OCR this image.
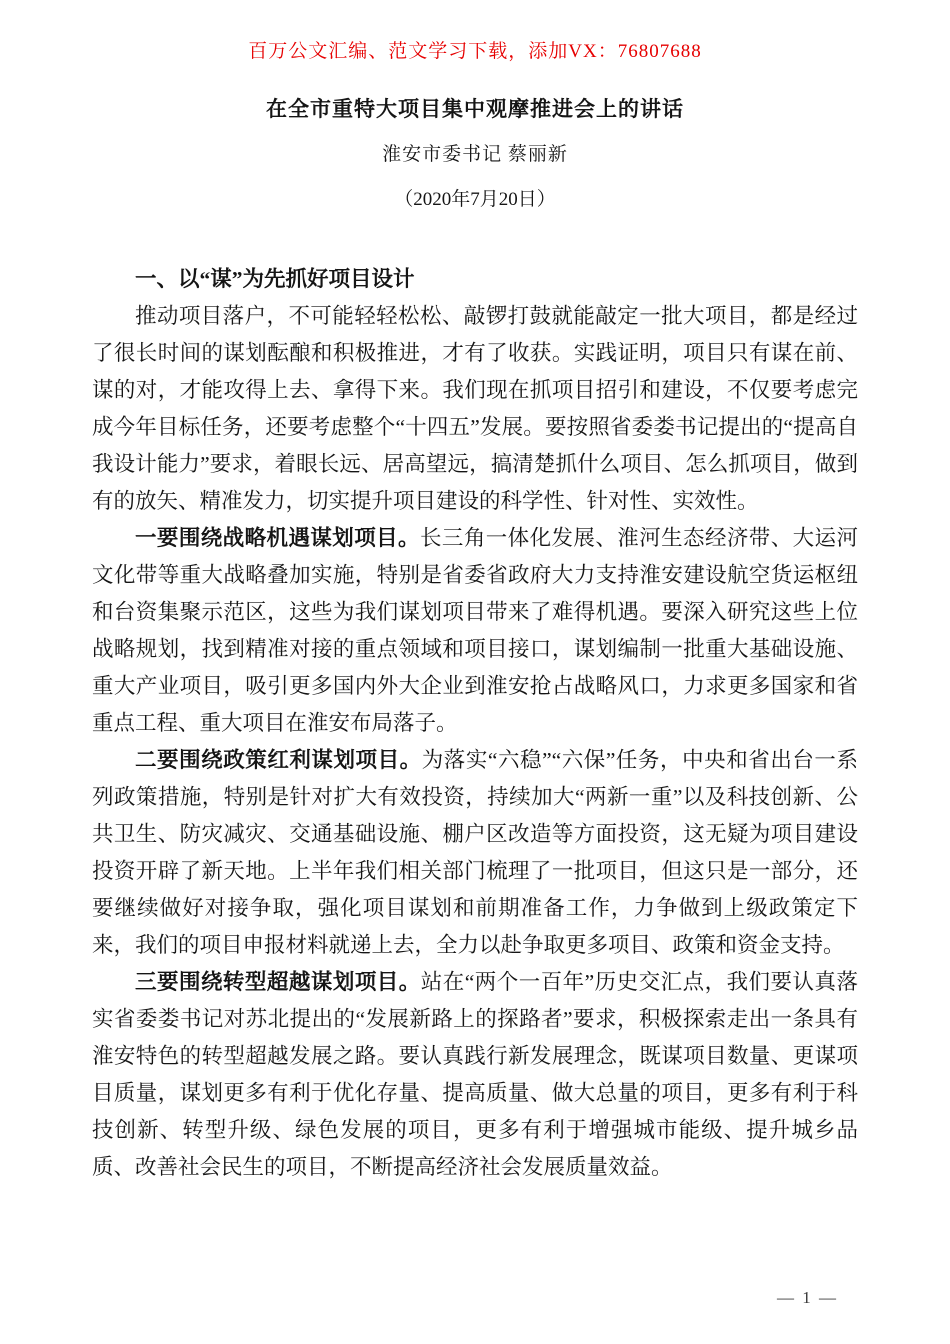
百万公文汇编、范文学习下载，添加VX：76807688
在全市重特大项目集中观摩推进会上的讲话
淮安市委书记 蔡丽新
（2020年7月20日）

一、以“谋”为先抓好项目设计

推动项目落户，不可能轻轻松松、敲锣打鼓就能敲定一批大项目，都是经过了很长时间的谋划酝酿和积极推进，才有了收获。实践证明，项目只有谋在前、谋的对，才能攻得上去、拿得下来。我们现在抓项目招引和建设，不仅要考虑完成今年目标任务，还要考虑整个“十四五”发展。要按照省委娄书记提出的“提高自我设计能力”要求，着眼长远、居高望远，搞清楚抓什么项目、怎么抓项目，做到有的放矢、精准发力，切实提升项目建设的科学性、针对性、实效性。

一要围绕战略机遇谋划项目。长三角一体化发展、淮河生态经济带、大运河文化带等重大战略叠加实施，特别是省委省政府大力支持淮安建设航空货运枢纽和台资集聚示范区，这些为我们谋划项目带来了难得机遇。要深入研究这些上位战略规划，找到精准对接的重点领域和项目接口，谋划编制一批重大基础设施、重大产业项目，吸引更多国内外大企业到淮安抢占战略风口，力求更多国家和省重点工程、重大项目在淮安布局落子。

二要围绕政策红利谋划项目。为落实“六稳”“六保”任务，中央和省出台一系列政策措施，特别是针对扩大有效投资，持续加大“两新一重”以及科技创新、公共卫生、防灾减灾、交通基础设施、棚户区改造等方面投资，这无疑为项目建设投资开辟了新天地。上半年我们相关部门梳理了一批项目，但这只是一部分，还要继续做好对接争取，强化项目谋划和前期准备工作，力争做到上级政策定下来，我们的项目申报材料就递上去，全力以赴争取更多项目、政策和资金支持。

三要围绕转型超越谋划项目。站在“两个一百年”历史交汇点，我们要认真落实省委娄书记对苏北提出的“发展新路上的探路者”要求，积极探索走出一条具有淮安特色的转型超越发展之路。要认真践行新发展理念，既谋项目数量、更谋项目质量，谋划更多有利于优化存量、提高质量、做大总量的项目，更多有利于科技创新、转型升级、绿色发展的项目，更多有利于增强城市能级、提升城乡品质、改善社会民生的项目，不断提高经济社会发展质量效益。

— 1 —
